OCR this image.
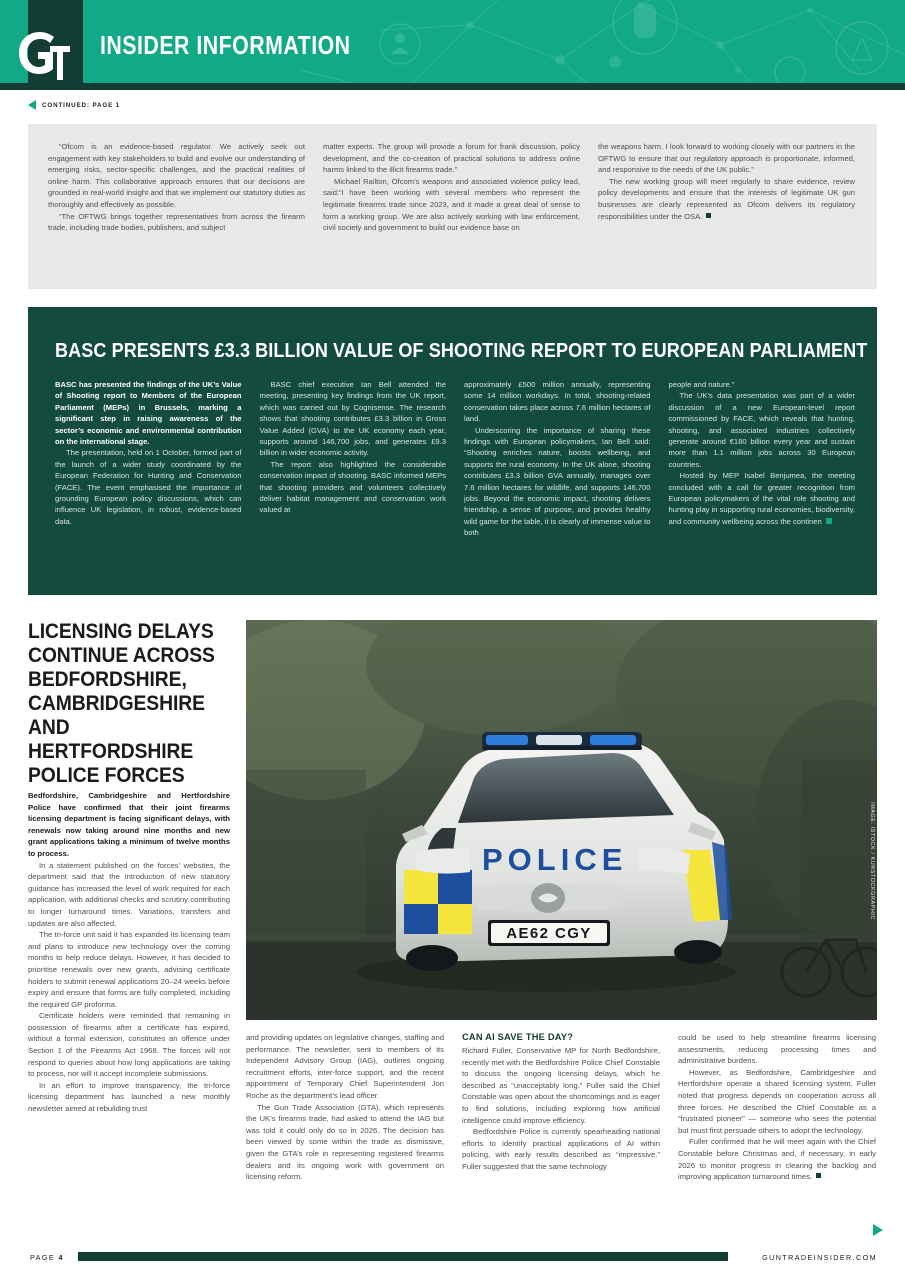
INSIDER INFORMATION
CONTINUED: PAGE 1

“Ofcom is an evidence-based regulator. We actively seek out engagement with key stakeholders to build and evolve our understanding of emerging risks, sector-specific challenges, and the practical realities of online harm. This collaborative approach ensures that our decisions are grounded in real-world insight and that we implement our statutory duties as thoroughly and effectively as possible.

“The OFTWG brings together representatives from across the firearm trade, including trade bodies, publishers, and subject

matter experts. The group will provide a forum for frank discussion, policy development, and the co-creation of practical solutions to address online harms linked to the illicit firearms trade.”

Michael Railton, Ofcom’s weapons and associated violence policy lead, said:“I have been working with several members who represent the legitimate firearms trade since 2023, and it made a great deal of sense to form a working group. We are also actively working with law enforcement, civil society and government to build our evidence base on

the weapons harm. I look forward to working closely with our partners in the OFTWG to ensure that our regulatory approach is proportionate, informed, and responsive to the needs of the UK public.”

The new working group will meet regularly to share evidence, review policy developments and ensure that the interests of legitimate UK gun businesses are clearly represented as Ofcom delivers its regulatory responsibilities under the OSA.

BASC PRESENTS £3.3 BILLION VALUE OF SHOOTING REPORT TO EUROPEAN PARLIAMENT

BASC has presented the findings of the UK’s Value of Shooting report to Members of the European Parliament (MEPs) in Brussels, marking a significant step in raising awareness of the sector’s economic and environmental contribution on the international stage.

The presentation, held on 1 October, formed part of the launch of a wider study coordinated by the European Federation for Hunting and Conservation (FACE). The event emphasised the importance of grounding European policy discussions, which can influence UK legislation, in robust, evidence-based data.

BASC chief executive Ian Bell attended the meeting, presenting key findings from the UK report, which was carried out by Cognisense. The research shows that shooting contributes £3.3 billion in Gross Value Added (GVA) to the UK economy each year, supports around 146,700 jobs, and generates £9.3 billion in wider economic activity.

The report also highlighted the considerable conservation impact of shooting. BASC informed MEPs that shooting providers and volunteers collectively deliver habitat management and conservation work valued at

approximately £500 million annually, representing some 14 million workdays. In total, shooting-related conservation takes place across 7.6 million hectares of land.

Underscoring the importance of sharing these findings with European policymakers, Ian Bell said: “Shooting enriches nature, boosts wellbeing, and supports the rural economy. In the UK alone, shooting contributes £3.3 billion GVA annually, manages over 7.6 million hectares for wildlife, and supports 146,700 jobs. Beyond the economic impact, shooting delivers friendship, a sense of purpose, and provides healthy wild game for the table, it is clearly of immense value to both

people and nature.”

The UK’s data presentation was part of a wider discussion of a new European-level report commissioned by FACE, which reveals that hunting, shooting, and associated industries collectively generate around €180 billion every year and sustain more than 1.1 million jobs across 30 European countries.

Hosted by MEP Isabel Benjumea, the meeting concluded with a call for greater recognition from European policymakers of the vital role shooting and hunting play in supporting rural economies, biodiversity, and community wellbeing across the continen

LICENSING DELAYS CONTINUE ACROSS BEDFORDSHIRE, CAMBRIDGESHIRE AND HERTFORDSHIRE POLICE FORCES

Bedfordshire, Cambridgeshire and Hertfordshire Police have confirmed that their joint firearms licensing department is facing significant delays, with renewals now taking around nine months and new grant applications taking a minimum of twelve months to process.

In a statement published on the forces’ websites, the department said that the introduction of new statutory guidance has increased the level of work required for each application, with additional checks and scrutiny contributing to longer turnaround times. Variations, transfers and updates are also affected.

The tri-force unit said it has expanded its licensing team and plans to introduce new technology over the coming months to help reduce delays. However, it has decided to prioritise renewals over new grants, advising certificate holders to submit renewal applications 20–24 weeks before expiry and ensure that forms are fully completed, including the required GP proforma.

Certificate holders were reminded that remaining in possession of firearms after a certificate has expired, without a formal extension, constitutes an offence under Section 1 of the Firearms Act 1968. The forces will not respond to queries about how long applications are taking to process, nor will it accept incomplete submissions.

In an effort to improve transparency, the tri-force licensing department has launched a new monthly newsletter aimed at rebuilding trust

POLICE
AE62 CGY
IMAGE: ISTOCK / KURSTOCKGRAPHIC

and providing updates on legislative changes, staffing and performance. The newsletter, sent to members of its Independent Advisory Group (IAG), outlines ongoing recruitment efforts, inter-force support, and the recent appointment of Temporary Chief Superintendent Jon Roche as the department’s lead officer.

The Gun Trade Association (GTA), which represents the UK’s firearms trade, had asked to attend the IAG but was told it could only do so in 2026. The decision has been viewed by some within the trade as dismissive, given the GTA’s role in representing registered firearms dealers and its ongoing work with government on licensing reform.

CAN AI SAVE THE DAY?

Richard Fuller, Conservative MP for North Bedfordshire, recently met with the Bedfordshire Police Chief Constable to discuss the ongoing licensing delays, which he described as “unacceptably long.” Fuller said the Chief Constable was open about the shortcomings and is eager to find solutions, including exploring how artificial intelligence could improve efficiency.

Bedfordshire Police is currently spearheading national efforts to identify practical applications of AI within policing, with early results described as “impressive.” Fuller suggested that the same technology

could be used to help streamline firearms licensing assessments, reducing processing times and administrative burdens.

However, as Bedfordshire, Cambridgeshire and Hertfordshire operate a shared licensing system, Fuller noted that progress depends on cooperation across all three forces. He described the Chief Constable as a “frustrated pioneer” — someone who sees the potential but must first persuade others to adopt the technology.

Fuller confirmed that he will meet again with the Chief Constable before Christmas and, if necessary, in early 2026 to monitor progress in clearing the backlog and improving application turnaround times.

PAGE 4	GUNTRADEINSIDER.COM
